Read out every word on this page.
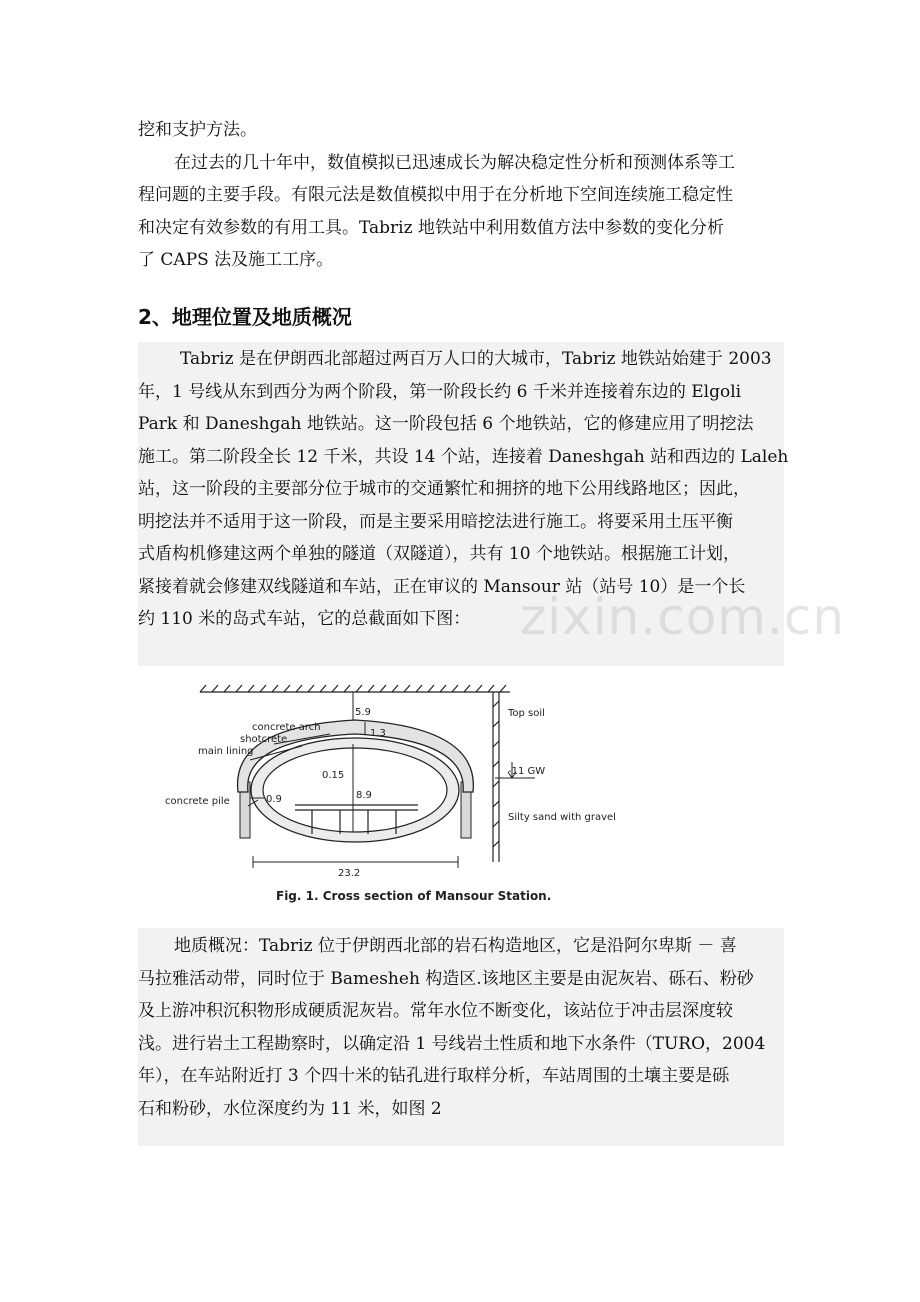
挖和支护方法。
在过去的几十年中，数值模拟已迅速成长为解决稳定性分析和预测体系等工
程问题的主要手段。有限元法是数值模拟中用于在分析地下空间连续施工稳定性
和决定有效参数的有用工具。Tabriz 地铁站中利用数值方法中参数的变化分析
了 CAPS 法及施工工序。
2、地理位置及地质概况
Tabriz 是在伊朗西北部超过两百万人口的大城市，Tabriz 地铁站始建于 2003
年，1 号线从东到西分为两个阶段，第一阶段长约 6 千米并连接着东边的 Elgoli
Park 和 Daneshgah 地铁站。这一阶段包括 6 个地铁站，它的修建应用了明挖法
施工。第二阶段全长 12 千米，共设 14 个站，连接着 Daneshgah 站和西边的 Laleh
站，这一阶段的主要部分位于城市的交通繁忙和拥挤的地下公用线路地区；因此，
明挖法并不适用于这一阶段，而是主要采用暗挖法进行施工。将要采用土压平衡
式盾构机修建这两个单独的隧道（双隧道），共有 10 个地铁站。根据施工计划，
紧接着就会修建双线隧道和车站，正在审议的 Mansour 站（站号 10）是一个长
约 110 米的岛式车站，它的总截面如下图： zixin.com.cn
5.9
concrete arch
1.3
shotcrete
main lining
0.15
8.9
concrete pile	0.9
23.2
Top soil
-11 GW
Silty sand with gravel
Fig. 1. Cross section of Mansour Station.
地质概况：Tabriz 位于伊朗西北部的岩石构造地区，它是沿阿尔卑斯 － 喜
马拉雅活动带，同时位于 Bamesheh 构造区.该地区主要是由泥灰岩、砾石、粉砂
及上游冲积沉积物形成硬质泥灰岩。常年水位不断变化，该站位于冲击层深度较
浅。进行岩土工程勘察时，以确定沿 1 号线岩土性质和地下水条件（TURO，2004
年），在车站附近打 3 个四十米的钻孔进行取样分析，车站周围的土壤主要是砾
石和粉砂，水位深度约为 11 米，如图 2
